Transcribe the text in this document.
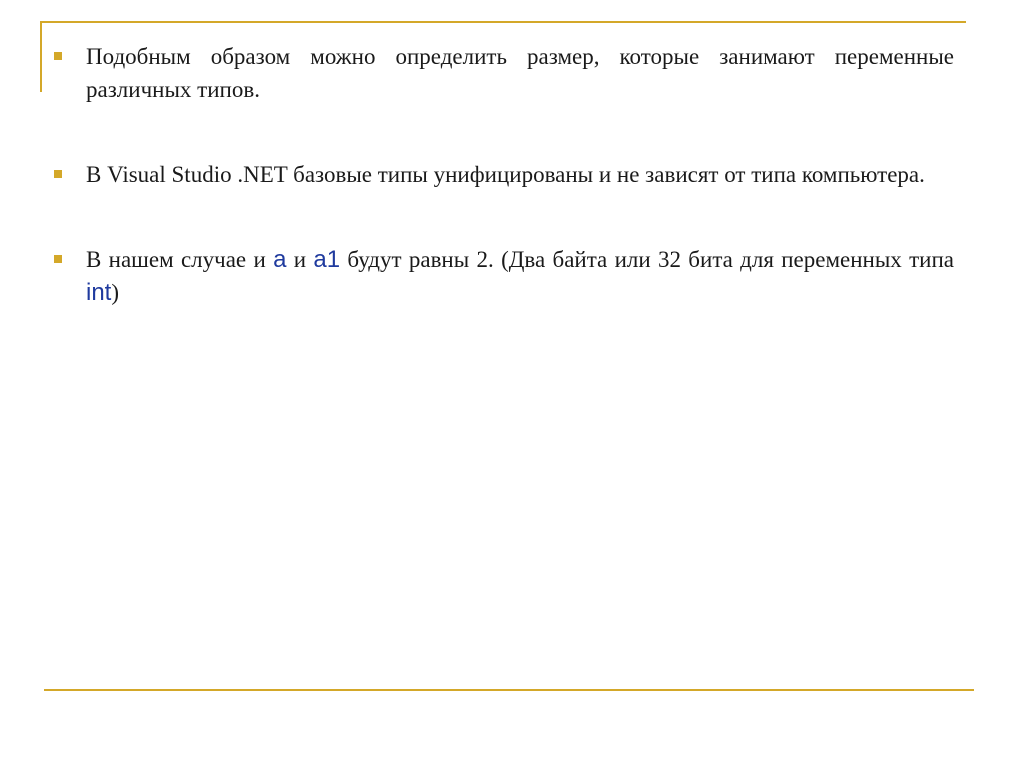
Подобным образом можно определить размер, которые занимают переменные различных типов.
В Visual Studio .NET базовые типы унифицированы и не зависят от типа компьютера.
В нашем случае и a и a1 будут равны 2. (Два байта или 32 бита для переменных типа int)
